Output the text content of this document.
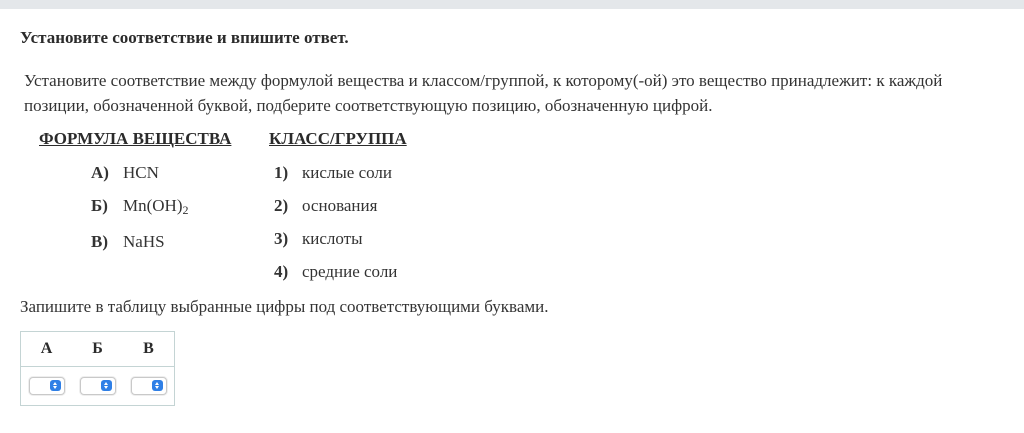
Установите соответствие и впишите ответ.

Установите соответствие между формулой вещества и классом/группой, к которому(-ой) это вещество принадлежит: к каждой позиции, обозначенной буквой, подберите соответствующую позицию, обозначенную цифрой.

ФОРМУЛА ВЕЩЕСТВА КЛАСС/ГРУППА
А) HCN
Б) $Mn(OH)_2$
В) NaHS
1) кислые соли
2) основания
3) кислоты
4) средние соли
Запишите в таблицу выбранные цифры под соответствующими буквами.
А	Б	В
